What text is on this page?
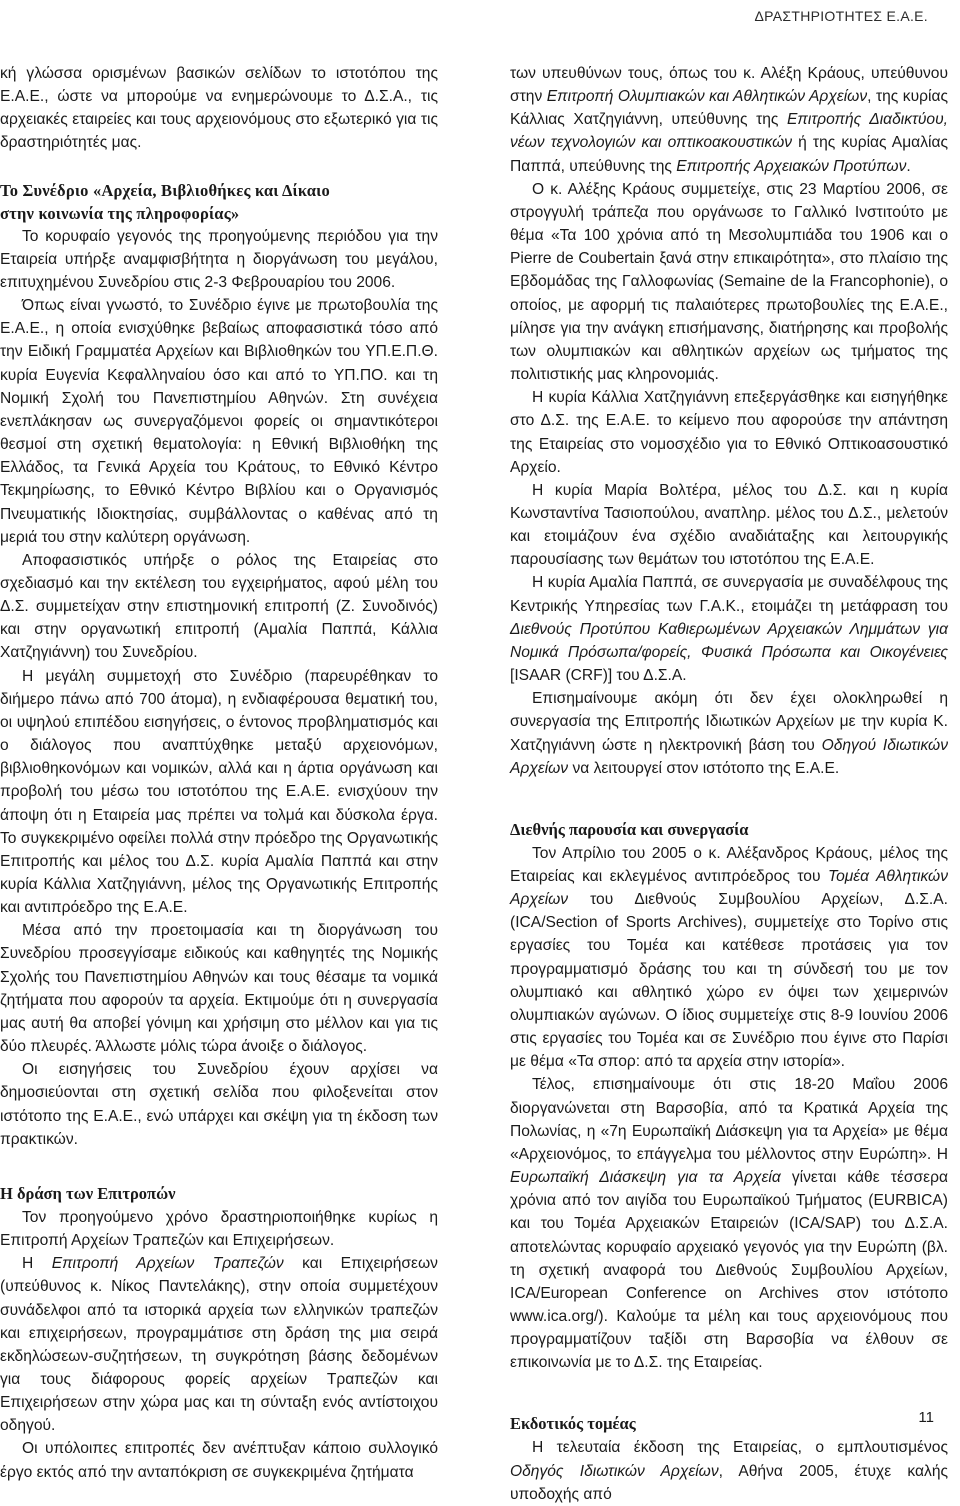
ΔΡΑΣΤΗΡΙΟΤΗΤΕΣ Ε.Α.Ε.

κή γλώσσα ορισμένων βασικών σελίδων το ιστοτόπου της Ε.Α.Ε., ώστε να μπορούμε να ενημερώνουμε το Δ.Σ.Α., τις αρχειακές εταιρείες και τους αρχειονόμους στο εξωτερικό για τις δραστηριότητές μας.

Το Συνέδριο «Αρχεία, Βιβλιοθήκες και Δίκαιο

στην κοινωνία της πληροφορίας»

Το κορυφαίο γεγονός της προηγούμενης περιόδου για την Εταιρεία υπήρξε αναμφισβήτητα η διοργάνωση του μεγάλου, επιτυχημένου Συνεδρίου στις 2-3 Φεβρουαρίου του 2006.

Όπως είναι γνωστό, το Συνέδριο έγινε με πρωτοβουλία της Ε.Α.Ε., η οποία ενισχύθηκε βεβαίως αποφασιστικά τόσο από την Ειδική Γραμματέα Αρχείων και Βιβλιοθηκών του ΥΠ.Ε.Π.Θ. κυρία Ευγενία Κεφαλληναίου όσο και από το ΥΠ.ΠΟ. και τη Νομική Σχολή του Πανεπιστημίου Αθηνών. Στη συνέχεια ενεπλάκησαν ως συνεργαζόμενοι φορείς οι σημαντικότεροι θεσμοί στη σχετική θεματολογία: η Εθνική Βιβλιοθήκη της Ελλάδος, τα Γενικά Αρχεία του Κράτους, το Εθνικό Κέντρο Τεκμηρίωσης, το Εθνικό Κέντρο Βιβλίου και ο Οργανισμός Πνευματικής Ιδιοκτησίας, συμβάλλοντας ο καθένας από τη μεριά του στην καλύτερη οργάνωση.

Αποφασιστικός υπήρξε ο ρόλος της Εταιρείας στο σχεδιασμό και την εκτέλεση του εγχειρήματος, αφού μέλη του Δ.Σ. συμμετείχαν στην επιστημονική επιτροπή (Ζ. Συνοδινός) και στην οργανωτική επιτροπή (Αμαλία Παππά, Κάλλια Χατζηγιάννη) του Συνεδρίου.

Η μεγάλη συμμετοχή στο Συνέδριο (παρευρέθηκαν το διήμερο πάνω από 700 άτομα), η ενδιαφέρουσα θεματική του, οι υψηλού επιπέδου εισηγήσεις, ο έντονος προβληματισμός και ο διάλογος που αναπτύχθηκε μεταξύ αρχειονόμων, βιβλιοθηκονόμων και νομικών, αλλά και η άρτια οργάνωση και προβολή του μέσω του ιστοτόπου της Ε.Α.Ε. ενισχύουν την άποψη ότι η Εταιρεία μας πρέπει να τολμά και δύσκολα έργα. Το συγκεκριμένο οφείλει πολλά στην πρόεδρο της Οργανωτικής Επιτροπής και μέλος του Δ.Σ. κυρία Αμαλία Παππά και στην κυρία Κάλλια Χατζηγιάννη, μέλος της Οργανωτικής Επιτροπής και αντιπρόεδρο της Ε.Α.Ε.

Μέσα από την προετοιμασία και τη διοργάνωση του Συνεδρίου προσεγγίσαμε ειδικούς και καθηγητές της Νομικής Σχολής του Πανεπιστημίου Αθηνών και τους θέσαμε τα νομικά ζητήματα που αφορούν τα αρχεία. Εκτιμούμε ότι η συνεργασία μας αυτή θα αποβεί γόνιμη και χρήσιμη στο μέλλον και για τις δύο πλευρές. Άλλωστε μόλις τώρα άνοιξε ο διάλογος.

Οι εισηγήσεις του Συνεδρίου έχουν αρχίσει να δημοσιεύονται στη σχετική σελίδα που φιλοξενείται στον ιστότοπο της Ε.Α.Ε., ενώ υπάρχει και σκέψη για τη έκδοση των πρακτικών.

Η δράση των Επιτροπών

Τον προηγούμενο χρόνο δραστηριοποιήθηκε κυρίως η Επιτροπή Αρχείων Τραπεζών και Επιχειρήσεων.

Η Επιτροπή Αρχείων Τραπεζών και Επιχειρήσεων (υπεύθυνος κ. Νίκος Παντελάκης), στην οποία συμμετέχουν συνάδελφοι από τα ιστορικά αρχεία των ελληνικών τραπεζών και επιχειρήσεων, προγραμμάτισε στη δράση της μια σειρά εκδηλώσεων-συζητήσεων, τη συγκρότηση βάσης δεδομένων για τους διάφορους φορείς αρχείων Τραπεζών και Επιχειρήσεων στην χώρα μας και τη σύνταξη ενός αντίστοιχου οδηγού.

Οι υπόλοιπες επιτροπές δεν ανέπτυξαν κάποιο συλλογικό έργο εκτός από την ανταπόκριση σε συγκεκριμένα ζητήματα

των υπευθύνων τους, όπως του κ. Αλέξη Κράους, υπεύθυνου στην Επιτροπή Ολυμπιακών και Αθλητικών Αρχείων, της κυρίας Κάλλιας Χατζηγιάννη, υπεύθυνης της Επιτροπής Διαδικτύου, νέων τεχνολογιών και οπτικοακουστικών ή της κυρίας Αμαλίας Παππά, υπεύθυνης της Επιτροπής Αρχειακών Προτύπων.

Ο κ. Αλέξης Κράους συμμετείχε, στις 23 Μαρτίου 2006, σε στρογγυλή τράπεζα που οργάνωσε το Γαλλικό Ινστιτούτο με θέμα «Τα 100 χρόνια από τη Μεσολυμπιάδα του 1906 και ο Pierre de Coubertain ξανά στην επικαιρότητα», στο πλαίσιο της Εβδομάδας της Γαλλοφωνίας (Semaine de la Francophonie), ο οποίος, με αφορμή τις παλαιότερες πρωτοβουλίες της Ε.Α.Ε., μίλησε για την ανάγκη επισήμανσης, διατήρησης και προβολής των ολυμπιακών και αθλητικών αρχείων ως τμήματος της πολιτιστικής μας κληρονομιάς.

Η κυρία Κάλλια Χατζηγιάννη επεξεργάσθηκε και εισηγήθηκε στο Δ.Σ. της Ε.Α.Ε. το κείμενο που αφορούσε την απάντηση της Εταιρείας στο νομοσχέδιο για το Εθνικό Οπτικοασουστικό Αρχείο.

Η κυρία Μαρία Βολτέρα, μέλος του Δ.Σ. και η κυρία Κωνσταντίνα Τασιοπούλου, αναπληρ. μέλος του Δ.Σ., μελετούν και ετοιμάζουν ένα σχέδιο αναδιάταξης και λειτουργικής παρουσίασης των θεμάτων του ιστοτόπου της Ε.Α.Ε.

Η κυρία Αμαλία Παππά, σε συνεργασία με συναδέλφους της Κεντρικής Υπηρεσίας των Γ.Α.Κ., ετοιμάζει τη μετάφραση του Διεθνούς Προτύπου Καθιερωμένων Αρχειακών Λημμάτων για Νομικά Πρόσωπα/φορείς, Φυσικά Πρόσωπα και Οικογένειες [ISAAR (CRF)] του Δ.Σ.Α.

Επισημαίνουμε ακόμη ότι δεν έχει ολοκληρωθεί η συνεργασία της Επιτροπής Ιδιωτικών Αρχείων με την κυρία Κ. Χατζηγιάννη ώστε η ηλεκτρονική βάση του Οδηγού Ιδιωτικών Αρχείων να λειτουργεί στον ιστότοπο της Ε.Α.Ε.

Διεθνής παρουσία και συνεργασία

Τον Απρίλιο του 2005 ο κ. Αλέξανδρος Κράους, μέλος της Εταιρείας και εκλεγμένος αντιπρόεδρος του Τομέα Αθλητικών Αρχείων του Διεθνούς Συμβουλίου Αρχείων, Δ.Σ.Α. (ICA/Section of Sports Archives), συμμετείχε στο Τορίνο στις εργασίες του Τομέα και κατέθεσε προτάσεις για τον προγραμματισμό δράσης του και τη σύνδεσή του με τον ολυμπιακό και αθλητικό χώρο εν όψει των χειμερινών ολυμπιακών αγώνων. Ο ίδιος συμμετείχε στις 8-9 Ιουνίου 2006 στις εργασίες του Τομέα και σε Συνέδριο που έγινε στο Παρίσι με θέμα «Τα σπορ: από τα αρχεία στην ιστορία».

Τέλος, επισημαίνουμε ότι στις 18-20 Μαΐου 2006 διοργανώνεται στη Βαρσοβία, από τα Κρατικά Αρχεία της Πολωνίας, η «7η Ευρωπαϊκή Διάσκεψη για τα Αρχεία» με θέμα «Αρχειονόμος, το επάγγελμα του μέλλοντος στην Ευρώπη». Η Ευρωπαϊκή Διάσκεψη για τα Αρχεία γίνεται κάθε τέσσερα χρόνια από τον αιγίδα του Ευρωπαϊκού Τμήματος (EURBICA) και του Τομέα Αρχειακών Εταιρειών (ICA/SAP) του Δ.Σ.Α. αποτελώντας κορυφαίο αρχειακό γεγονός για την Ευρώπη (βλ. τη σχετική αναφορά του Διεθνούς Συμβουλίου Αρχείων, ICA/European Conference on Archives στον ιστότοπο www.ica.org/). Καλούμε τα μέλη και τους αρχειονόμους που προγραμματίζουν ταξίδι στη Βαρσοβία να έλθουν σε επικοινωνία με το Δ.Σ. της Εταιρείας.

Εκδοτικός τομέας

Η τελευταία έκδοση της Εταιρείας, ο εμπλουτισμένος Οδηγός Ιδιωτικών Αρχείων, Αθήνα 2005, έτυχε καλής υποδοχής από

11
